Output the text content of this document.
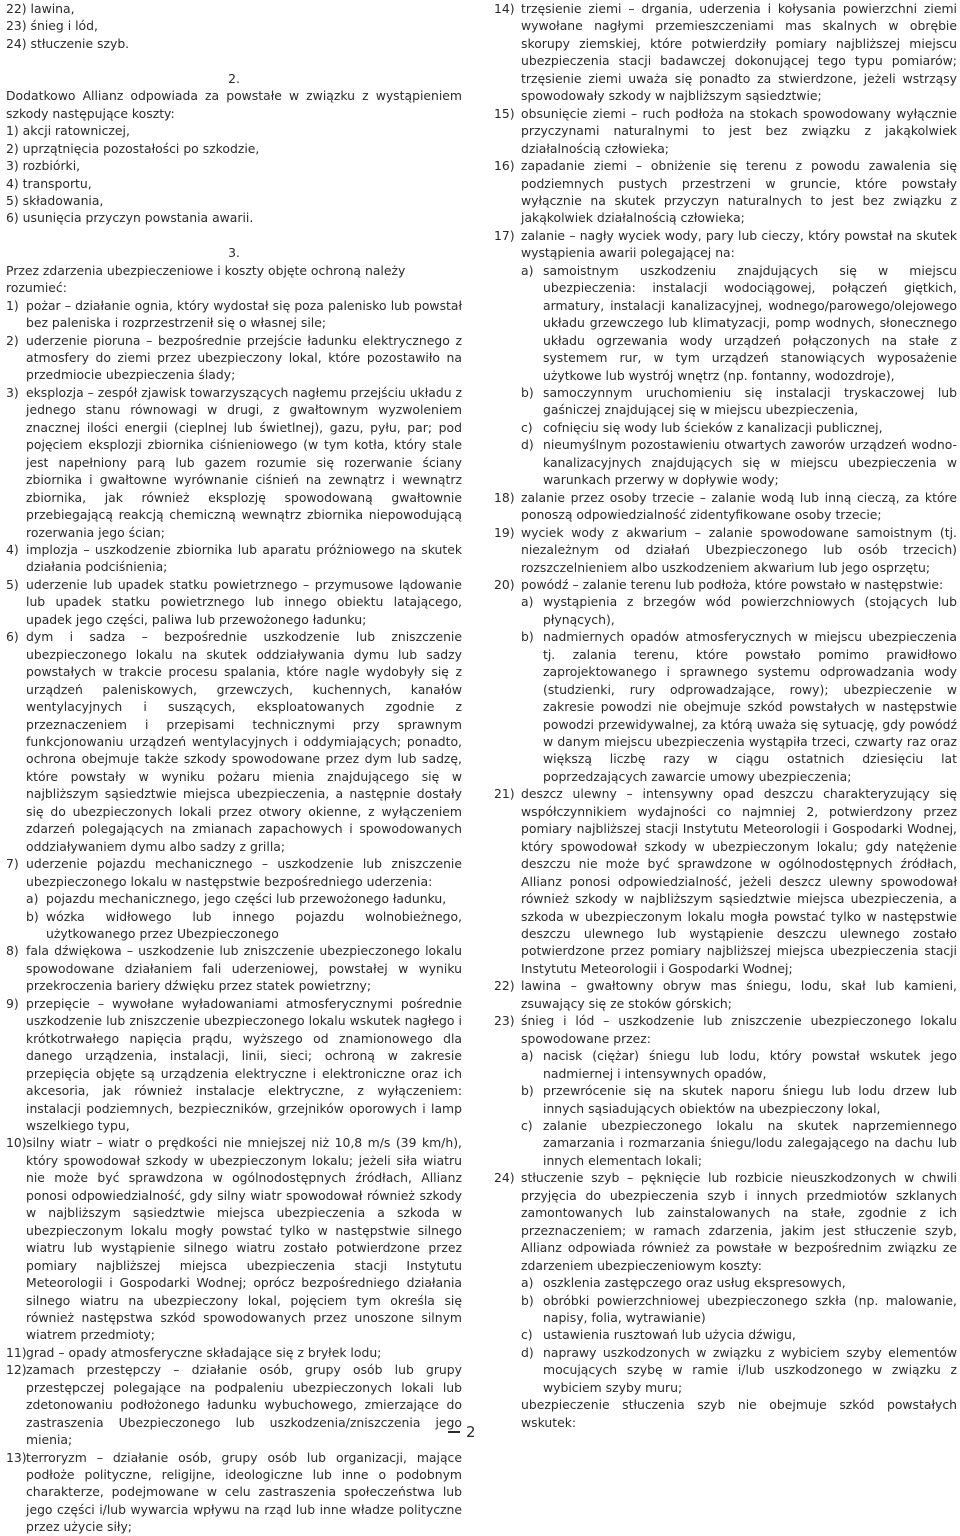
22) lawina,
23) śnieg i lód,
24) stłuczenie szyb.
2.
Dodatkowo Allianz odpowiada za powstałe w związku z wystąpieniem szkody następujące koszty:
1) akcji ratowniczej,
2) uprzątnięcia pozostałości po szkodzie,
3) rozbiórki,
4) transportu,
5) składowania,
6) usunięcia przyczyn powstania awarii.
3.
Przez zdarzenia ubezpieczeniowe i koszty objęte ochroną należy rozumieć:
1) pożar – działanie ognia, który wydostał się poza palenisko lub powstał bez paleniska i rozprzestrzenił się o własnej sile;
2) uderzenie pioruna – bezpośrednie przejście ładunku elektrycznego z atmosfery do ziemi przez ubezpieczony lokal, które pozostawiło na przedmiocie ubezpieczenia ślady;
3) eksplozja – zespół zjawisk towarzyszących nagłemu przejściu układu z jednego stanu równowagi w drugi, z gwałtownym wyzwoleniem znacznej ilości energii (cieplnej lub świetlnej), gazu, pyłu, par; pod pojęciem eksplozji zbiornika ciśnieniowego (w tym kotła, który stale jest napełniony parą lub gazem rozumie się rozerwanie ściany zbiornika i gwałtowne wyrównanie ciśnień na zewnątrz i wewnątrz zbiornika, jak również eksplozję spowodowaną gwałtownie przebiegającą reakcją chemiczną wewnątrz zbiornika niepowodującą rozerwania jego ścian;
4) implozja – uszkodzenie zbiornika lub aparatu próżniowego na skutek działania podciśnienia;
5) uderzenie lub upadek statku powietrznego – przymusowe lądowanie lub upadek statku powietrznego lub innego obiektu latającego, upadek jego części, paliwa lub przewożonego ładunku;
6) dym i sadza – bezpośrednie uszkodzenie lub zniszczenie ubezpieczonego lokalu na skutek oddziaływania dymu lub sadzy powstałych w trakcie procesu spalania, które nagle wydobyły się z urządzeń paleniskowych, grzewczych, kuchennych, kanałów wentylacyjnych i suszących, eksploatowanych zgodnie z przeznaczeniem i przepisami technicznymi przy sprawnym funkcjonowaniu urządzeń wentylacyjnych i oddymiających; ponadto, ochrona obejmuje także szkody spowodowane przez dym lub sadzę, które powstały w wyniku pożaru mienia znajdującego się w najbliższym sąsiedztwie miejsca ubezpieczenia, a następnie dostały się do ubezpieczonych lokali przez otwory okienne, z wyłączeniem zdarzeń polegających na zmianach zapachowych i spowodowanych oddziaływaniem dymu albo sadzy z grilla;
7) uderzenie pojazdu mechanicznego – uszkodzenie lub zniszczenie ubezpieczonego lokalu w następstwie bezpośredniego uderzenia:
a) pojazdu mechanicznego, jego części lub przewożonego ładunku,
b) wózka widłowego lub innego pojazdu wolnobieżnego, użytkowanego przez Ubezpieczonego
8) fala dźwiękowa – uszkodzenie lub zniszczenie ubezpieczonego lokalu spowodowane działaniem fali uderzeniowej, powstałej w wyniku przekroczenia bariery dźwięku przez statek powietrzny;
9) przepięcie – wywołane wyładowaniami atmosferycznymi pośrednie uszkodzenie lub zniszczenie ubezpieczonego lokalu wskutek nagłego i krótkotrwałego napięcia prądu, wyższego od znamionowego dla danego urządzenia, instalacji, linii, sieci; ochroną w zakresie przepięcia objęte są urządzenia elektryczne i elektroniczne oraz ich akcesoria, jak również instalacje elektryczne, z wyłączeniem: instalacji podziemnych, bezpieczników, grzejników oporowych i lamp wszelkiego typu,
10) silny wiatr – wiatr o prędkości nie mniejszej niż 10,8 m/s (39 km/h), który spowodował szkody w ubezpieczonym lokalu; jeżeli siła wiatru nie może być sprawdzona w ogólnodostępnych źródłach, Allianz ponosi odpowiedzialność, gdy silny wiatr spowodował również szkody w najbliższym sąsiedztwie miejsca ubezpieczenia a szkoda w ubezpieczonym lokalu mogły powstać tylko w następstwie silnego wiatru lub wystąpienie silnego wiatru zostało potwierdzone przez pomiary najbliższej miejsca ubezpieczenia stacji Instytutu Meteorologii i Gospodarki Wodnej; oprócz bezpośredniego działania silnego wiatru na ubezpieczony lokal, pojęciem tym określa się również następstwa szkód spowodowanych przez unoszone silnym wiatrem przedmioty;
11) grad – opady atmosferyczne składające się z bryłek lodu;
12) zamach przestępczy – działanie osób, grupy osób lub grupy przestępczej polegające na podpaleniu ubezpieczonych lokali lub zdetonowaniu podłożonego ładunku wybuchowego, zmierzające do zastraszenia Ubezpieczonego lub uszkodzenia/zniszczenia jego mienia;
13) terroryzm – działanie osób, grupy osób lub organizacji, mające podłoże polityczne, religijne, ideologiczne lub inne o podobnym charakterze, podejmowane w celu zastraszenia społeczeństwa lub jego części i/lub wywarcia wpływu na rząd lub inne władze polityczne przez użycie siły;
14) trzęsienie ziemi – drgania, uderzenia i kołysania powierzchni ziemi wywołane nagłymi przemieszczeniami mas skalnych w obrębie skorupy ziemskiej, które potwierdziły pomiary najbliższej miejscu ubezpieczenia stacji badawczej dokonującej tego typu pomiarów; trzęsienie ziemi uważa się ponadto za stwierdzone, jeżeli wstrząsy spowodowały szkody w najbliższym sąsiedztwie;
15) obsunięcie ziemi – ruch podłoża na stokach spowodowany wyłącznie przyczynami naturalnymi to jest bez związku z jakąkolwiek działalnością człowieka;
16) zapadanie ziemi – obniżenie się terenu z powodu zawalenia się podziemnych pustych przestrzeni w gruncie, które powstały wyłącznie na skutek przyczyn naturalnych to jest bez związku z jakąkolwiek działalnością człowieka;
17) zalanie – nagły wyciek wody, pary lub cieczy, który powstał na skutek wystąpienia awarii polegającej na:
a) samoistnym uszkodzeniu znajdujących się w miejscu ubezpieczenia: instalacji wodociągowej, połączeń giętkich, armatury, instalacji kanalizacyjnej, wodnego/parowego/olejowego układu grzewczego lub klimatyzacji, pomp wodnych, słonecznego układu ogrzewania wody urządzeń połączonych na stałe z systemem rur, w tym urządzeń stanowiących wyposażenie użytkowe lub wystrój wnętrz (np. fontanny, wodozdroje),
b) samoczynnym uruchomieniu się instalacji tryskaczowej lub gaśniczej znajdującej się w miejscu ubezpieczenia,
c) cofnięciu się wody lub ścieków z kanalizacji publicznej,
d) nieumyślnym pozostawieniu otwartych zaworów urządzeń wodno-kanalizacyjnych znajdujących się w miejscu ubezpieczenia w warunkach przerwy w dopływie wody;
18) zalanie przez osoby trzecie – zalanie wodą lub inną cieczą, za które ponoszą odpowiedzialność zidentyfikowane osoby trzecie;
19) wyciek wody z akwarium – zalanie spowodowane samoistnym (tj. niezależnym od działań Ubezpieczonego lub osób trzecich) rozszczelnieniem albo uszkodzeniem akwarium lub jego osprzętu;
20) powódź – zalanie terenu lub podłoża, które powstało w następstwie:
a) wystąpienia z brzegów wód powierzchniowych (stojących lub płynących),
b) nadmiernych opadów atmosferycznych w miejscu ubezpieczenia tj. zalania terenu, które powstało pomimo prawidłowo zaprojektowanego i sprawnego systemu odprowadzania wody (studzienki, rury odprowadzające, rowy); ubezpieczenie w zakresie powodzi nie obejmuje szkód powstałych w następstwie powodzi przewidywalnej, za którą uważa się sytuację, gdy powódź w danym miejscu ubezpieczenia wystąpiła trzeci, czwarty raz oraz większą liczbę razy w ciągu ostatnich dziesięciu lat poprzedzających zawarcie umowy ubezpieczenia;
21) deszcz ulewny – intensywny opad deszczu charakteryzujący się współczynnikiem wydajności co najmniej 2, potwierdzony przez pomiary najbliższej stacji Instytutu Meteorologii i Gospodarki Wodnej, który spowodował szkody w ubezpieczonym lokalu; gdy natężenie deszczu nie może być sprawdzone w ogólnodostępnych źródłach, Allianz ponosi odpowiedzialność, jeżeli deszcz ulewny spowodował również szkody w najbliższym sąsiedztwie miejsca ubezpieczenia, a szkoda w ubezpieczonym lokalu mogła powstać tylko w następstwie deszczu ulewnego lub wystąpienie deszczu ulewnego zostało potwierdzone przez pomiary najbliższej miejsca ubezpieczenia stacji Instytutu Meteorologii i Gospodarki Wodnej;
22) lawina – gwałtowny obryw mas śniegu, lodu, skał lub kamieni, zsuwający się ze stoków górskich;
23) śnieg i lód – uszkodzenie lub zniszczenie ubezpieczonego lokalu spowodowane przez:
a) nacisk (ciężar) śniegu lub lodu, który powstał wskutek jego nadmiernej i intensywnych opadów,
b) przewrócenie się na skutek naporu śniegu lub lodu drzew lub innych sąsiadujących obiektów na ubezpieczony lokal,
c) zalanie ubezpieczonego lokalu na skutek naprzemiennego zamarzania i rozmarzania śniegu/lodu zalegającego na dachu lub innych elementach lokali;
24) stłuczenie szyb – pęknięcie lub rozbicie nieuszkodzonych w chwili przyjęcia do ubezpieczenia szyb i innych przedmiotów szklanych zamontowanych lub zainstalowanych na stałe, zgodnie z ich przeznaczeniem; w ramach zdarzenia, jakim jest stłuczenie szyb, Allianz odpowiada również za powstałe w bezpośrednim związku ze zdarzeniem ubezpieczeniowym koszty:
a) oszklenia zastępczego oraz usług ekspresowych,
b) obróbki powierzchniowej ubezpieczonego szkła (np. malowanie, napisy, folia, wytrawianie)
c) ustawienia rusztowań lub użycia dźwigu,
d) naprawy uszkodzonych w związku z wybiciem szyby elementów mocujących szybę w ramie i/lub uszkodzonego w związku z wybiciem szyby muru;
ubezpieczenie stłuczenia szyb nie obejmuje szkód powstałych wskutek:
2
